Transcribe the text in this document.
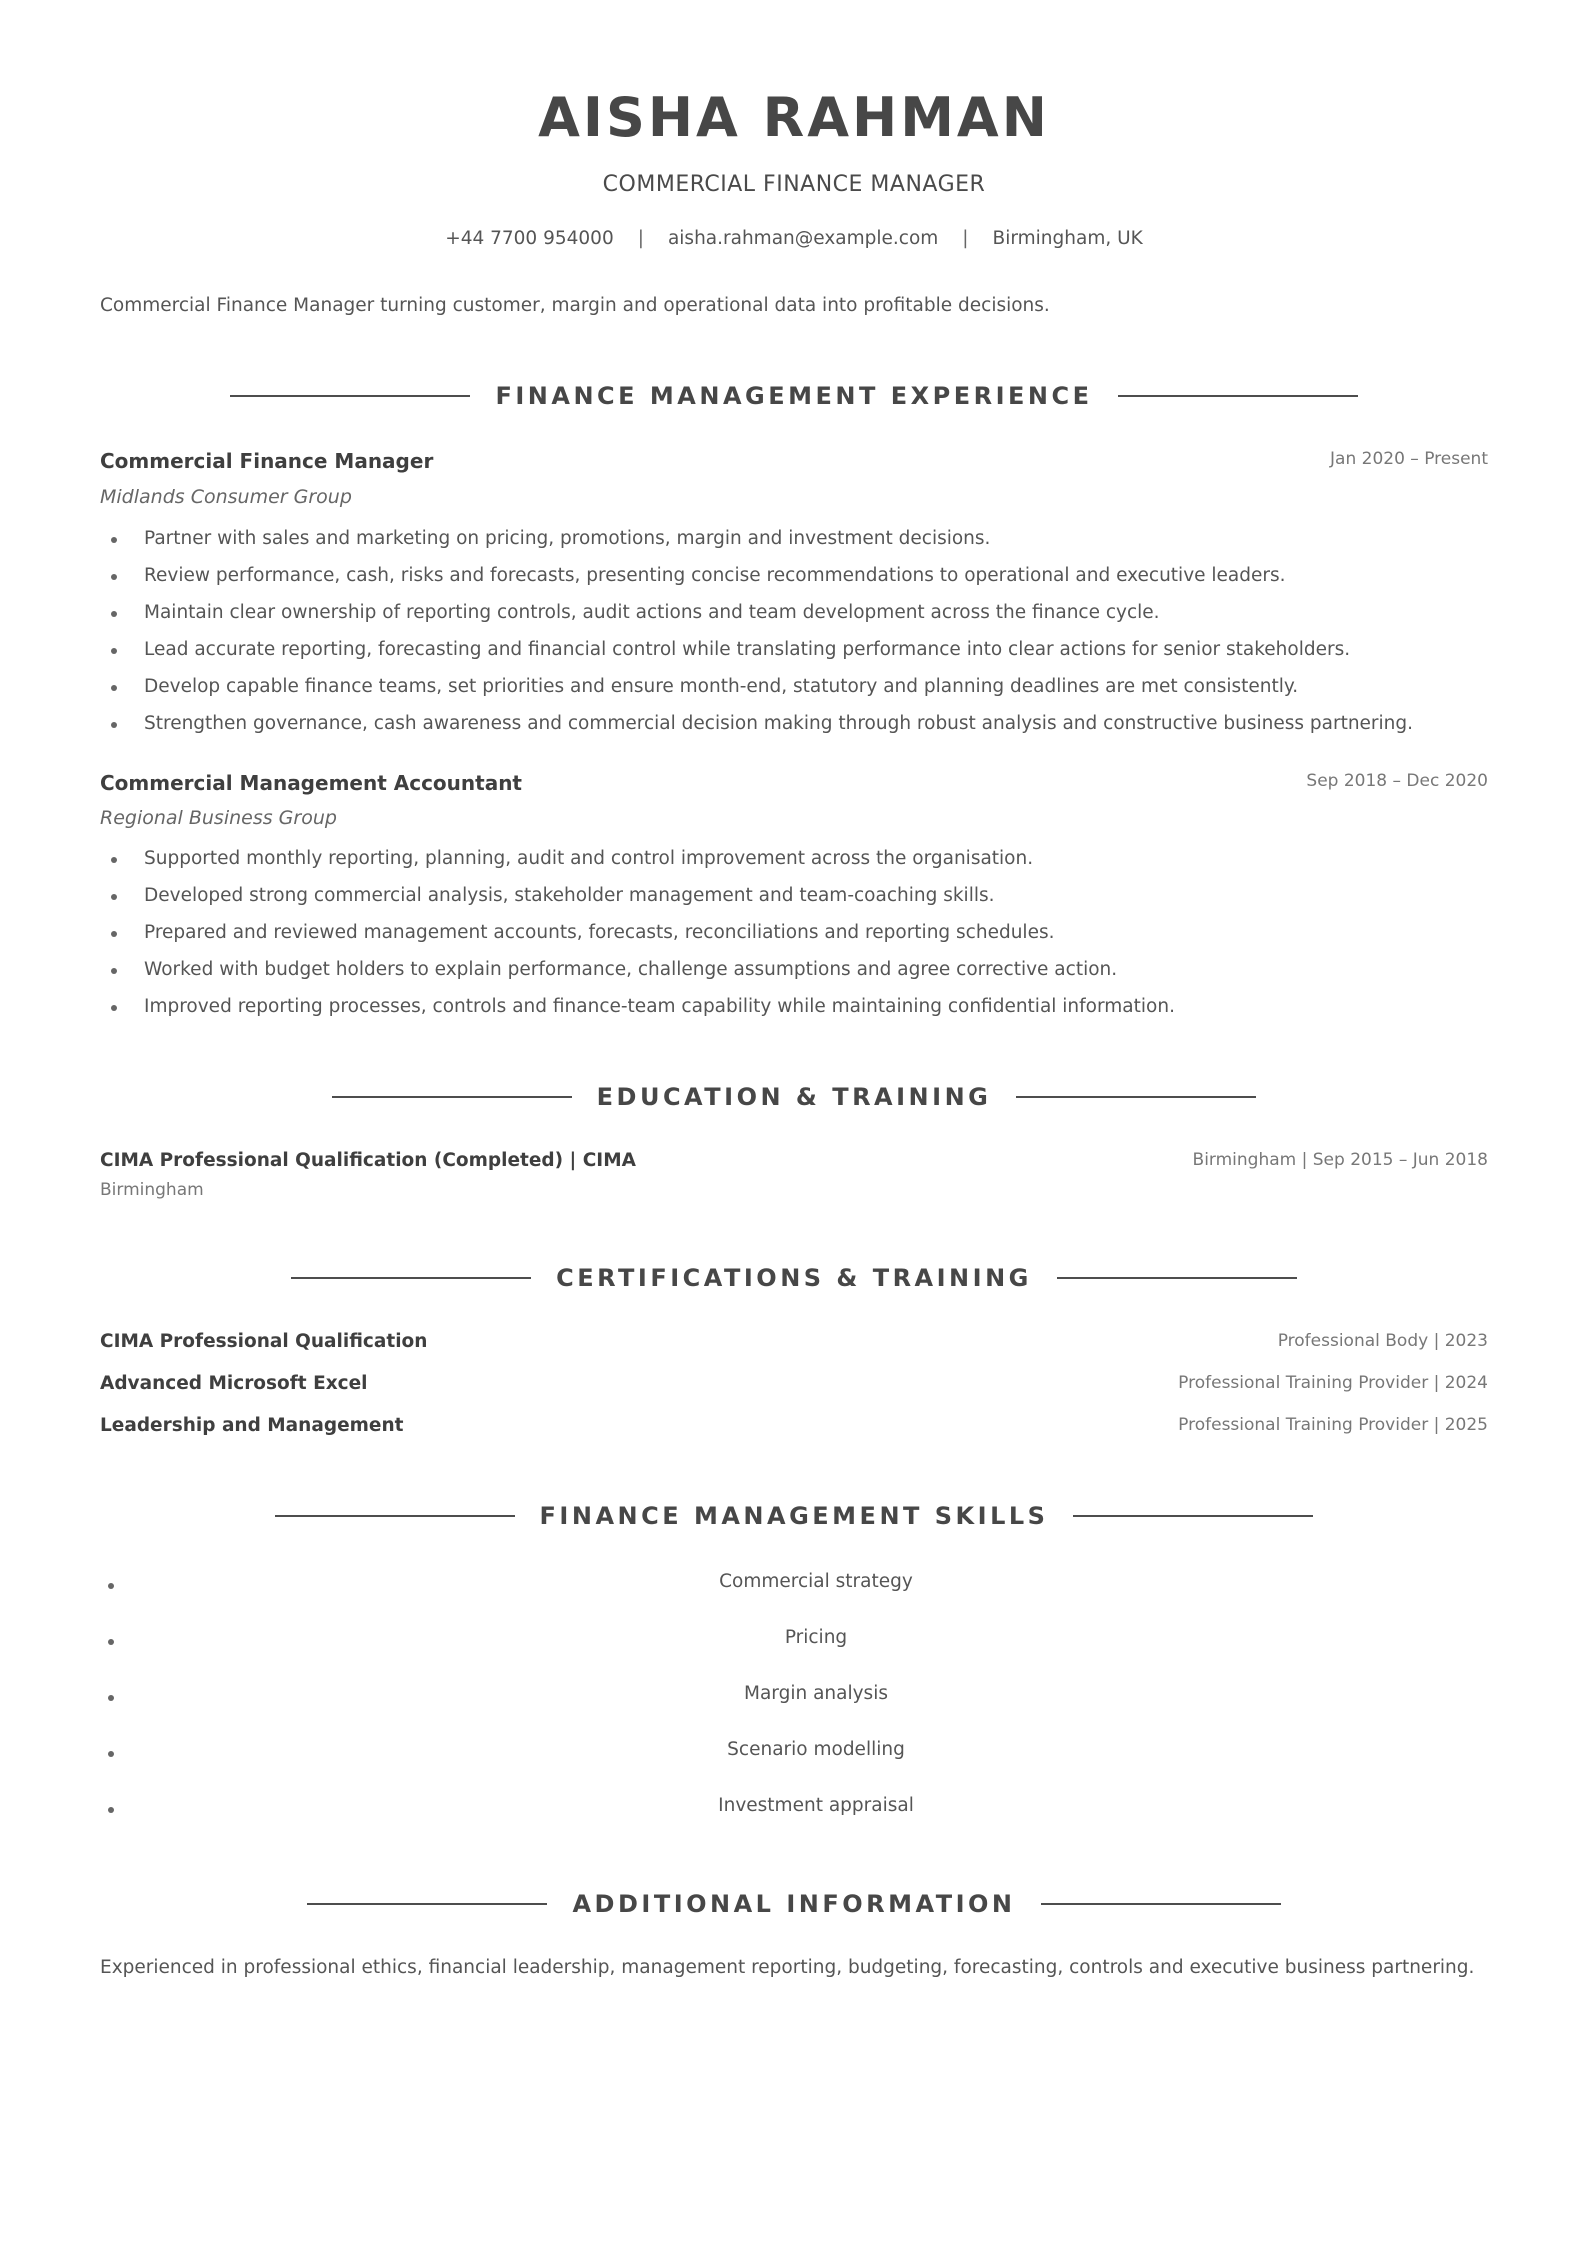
AISHA RAHMAN
COMMERCIAL FINANCE MANAGER
+44 7700 954000 | aisha.rahman@example.com | Birmingham, UK
Commercial Finance Manager turning customer, margin and operational data into profitable decisions.
FINANCE MANAGEMENT EXPERIENCE
Commercial Finance Manager	Jan 2020 – Present
Midlands Consumer Group
Partner with sales and marketing on pricing, promotions, margin and investment decisions.
Review performance, cash, risks and forecasts, presenting concise recommendations to operational and executive leaders.
Maintain clear ownership of reporting controls, audit actions and team development across the finance cycle.
Lead accurate reporting, forecasting and financial control while translating performance into clear actions for senior stakeholders.
Develop capable finance teams, set priorities and ensure month-end, statutory and planning deadlines are met consistently.
Strengthen governance, cash awareness and commercial decision making through robust analysis and constructive business partnering.
Commercial Management Accountant	Sep 2018 – Dec 2020
Regional Business Group
Supported monthly reporting, planning, audit and control improvement across the organisation.
Developed strong commercial analysis, stakeholder management and team-coaching skills.
Prepared and reviewed management accounts, forecasts, reconciliations and reporting schedules.
Worked with budget holders to explain performance, challenge assumptions and agree corrective action.
Improved reporting processes, controls and finance-team capability while maintaining confidential information.
EDUCATION & TRAINING
CIMA Professional Qualification (Completed) | CIMA	Birmingham | Sep 2015 – Jun 2018
Birmingham
CERTIFICATIONS & TRAINING
CIMA Professional Qualification	Professional Body | 2023
Advanced Microsoft Excel	Professional Training Provider | 2024
Leadership and Management	Professional Training Provider | 2025
FINANCE MANAGEMENT SKILLS
Commercial strategy
Pricing
Margin analysis
Scenario modelling
Investment appraisal
ADDITIONAL INFORMATION
Experienced in professional ethics, financial leadership, management reporting, budgeting, forecasting, controls and executive business partnering.
